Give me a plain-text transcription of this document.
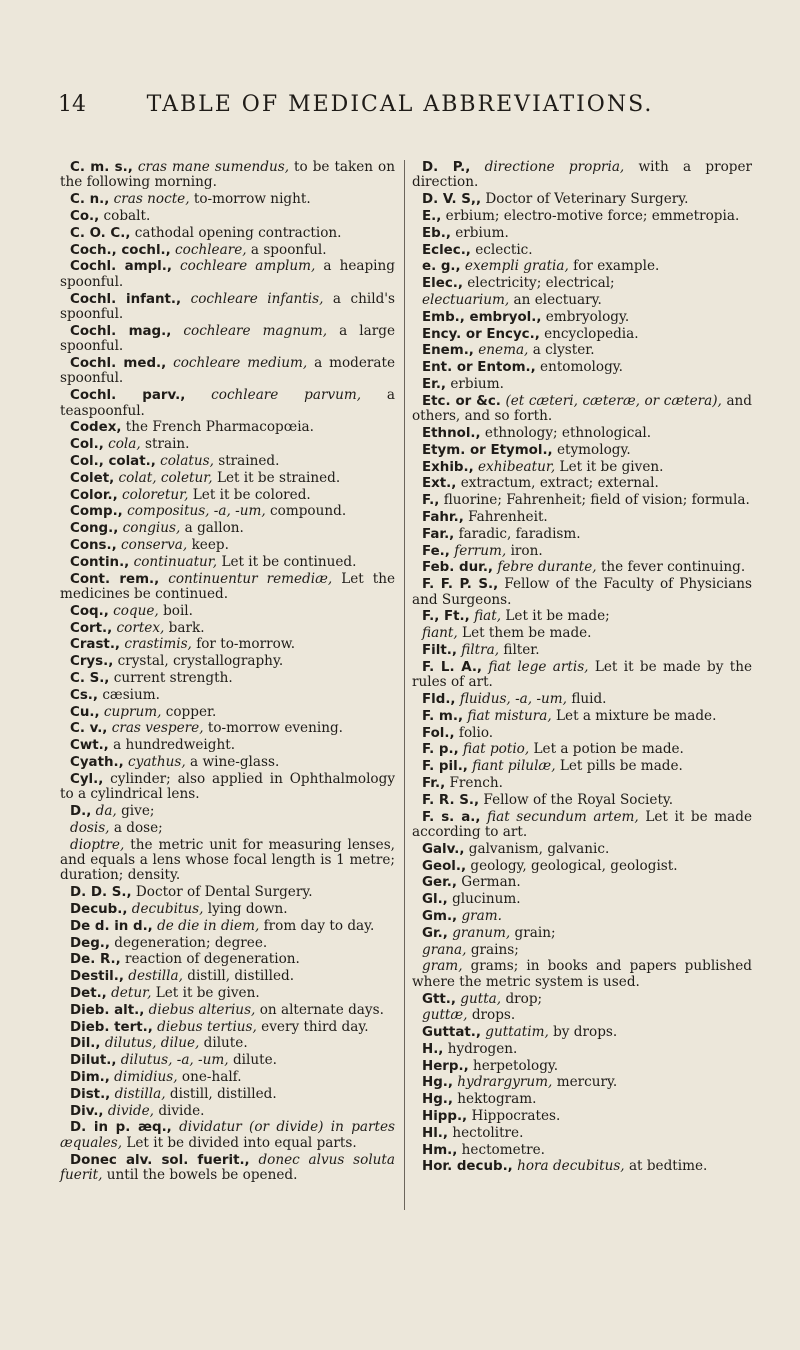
14	TABLE OF MEDICAL ABBREVIATIONS.

C. m. s., cras mane sumendus, to be taken on the following morning.

C. n., cras nocte, to-morrow night.

Co., cobalt.

C. O. C., cathodal opening contraction.

Coch., cochl., cochleare, a spoonful.

Cochl. ampl., cochleare amplum, a heaping spoonful.

Cochl. infant., cochleare infantis, a child's spoonful.

Cochl. mag., cochleare magnum, a large spoonful.

Cochl. med., cochleare medium, a moderate spoonful.

Cochl. parv., cochleare parvum, a teaspoonful.

Codex, the French Pharmacopœia.

Col., cola, strain.

Col., colat., colatus, strained.

Colet, colat, coletur, Let it be strained.

Color., coloretur, Let it be colored.

Comp., compositus, -a, -um, compound.

Cong., congius, a gallon.

Cons., conserva, keep.

Contin., continuatur, Let it be continued.

Cont. rem., continuentur remediæ, Let the medicines be continued.

Coq., coque, boil.

Cort., cortex, bark.

Crast., crastimis, for to-morrow.

Crys., crystal, crystallography.

C. S., current strength.

Cs., cæsium.

Cu., cuprum, copper.

C. v., cras vespere, to-morrow evening.

Cwt., a hundredweight.

Cyath., cyathus, a wine-glass.

Cyl., cylinder; also applied in Ophthalmology to a cylindrical lens.

D., da, give;

dosis, a dose;

dioptre, the metric unit for measuring lenses, and equals a lens whose focal length is 1 metre; duration; density.

D. D. S., Doctor of Dental Surgery.

Decub., decubitus, lying down.

De d. in d., de die in diem, from day to day.

Deg., degeneration; degree.

De. R., reaction of degeneration.

Destil., destilla, distill, distilled.

Det., detur, Let it be given.

Dieb. alt., diebus alterius, on alternate days.

Dieb. tert., diebus tertius, every third day.

Dil., dilutus, dilue, dilute.

Dilut., dilutus, -a, -um, dilute.

Dim., dimidius, one-half.

Dist., distilla, distill, distilled.

Div., divide, divide.

D. in p. æq., dividatur (or divide) in partes æquales, Let it be divided into equal parts.

Donec alv. sol. fuerit., donec alvus soluta fuerit, until the bowels be opened.

D. P., directione propria, with a proper direction.

D. V. S,, Doctor of Veterinary Surgery.

E., erbium; electro-motive force; emmetropia.

Eb., erbium.

Eclec., eclectic.

e. g., exempli gratia, for example.

Elec., electricity; electrical;

electuarium, an electuary.

Emb., embryol., embryology.

Ency. or Encyc., encyclopedia.

Enem., enema, a clyster.

Ent. or Entom., entomology.

Er., erbium.

Etc. or &c. (et cæteri, cæteræ, or cætera), and others, and so forth.

Ethnol., ethnology; ethnological.

Etym. or Etymol., etymology.

Exhib., exhibeatur, Let it be given.

Ext., extractum, extract; external.

F., fluorine; Fahrenheit; field of vision; formula.

Fahr., Fahrenheit.

Far., faradic, faradism.

Fe., ferrum, iron.

Feb. dur., febre durante, the fever continuing.

F. F. P. S., Fellow of the Faculty of Physicians and Surgeons.

F., Ft., fiat, Let it be made;

fiant, Let them be made.

Filt., filtra, filter.

F. L. A., fiat lege artis, Let it be made by the rules of art.

Fld., fluidus, -a, -um, fluid.

F. m., fiat mistura, Let a mixture be made.

Fol., folio.

F. p., fiat potio, Let a potion be made.

F. pil., fiant pilulæ, Let pills be made.

Fr., French.

F. R. S., Fellow of the Royal Society.

F. s. a., fiat secundum artem, Let it be made according to art.

Galv., galvanism, galvanic.

Geol., geology, geological, geologist.

Ger., German.

Gl., glucinum.

Gm., gram.

Gr., granum, grain;

grana, grains;

gram, grams; in books and papers published where the metric system is used.

Gtt., gutta, drop;

guttæ, drops.

Guttat., guttatim, by drops.

H., hydrogen.

Herp., herpetology.

Hg., hydrargyrum, mercury.

Hg., hektogram.

Hipp., Hippocrates.

Hl., hectolitre.

Hm., hectometre.

Hor. decub., hora decubitus, at bedtime.
